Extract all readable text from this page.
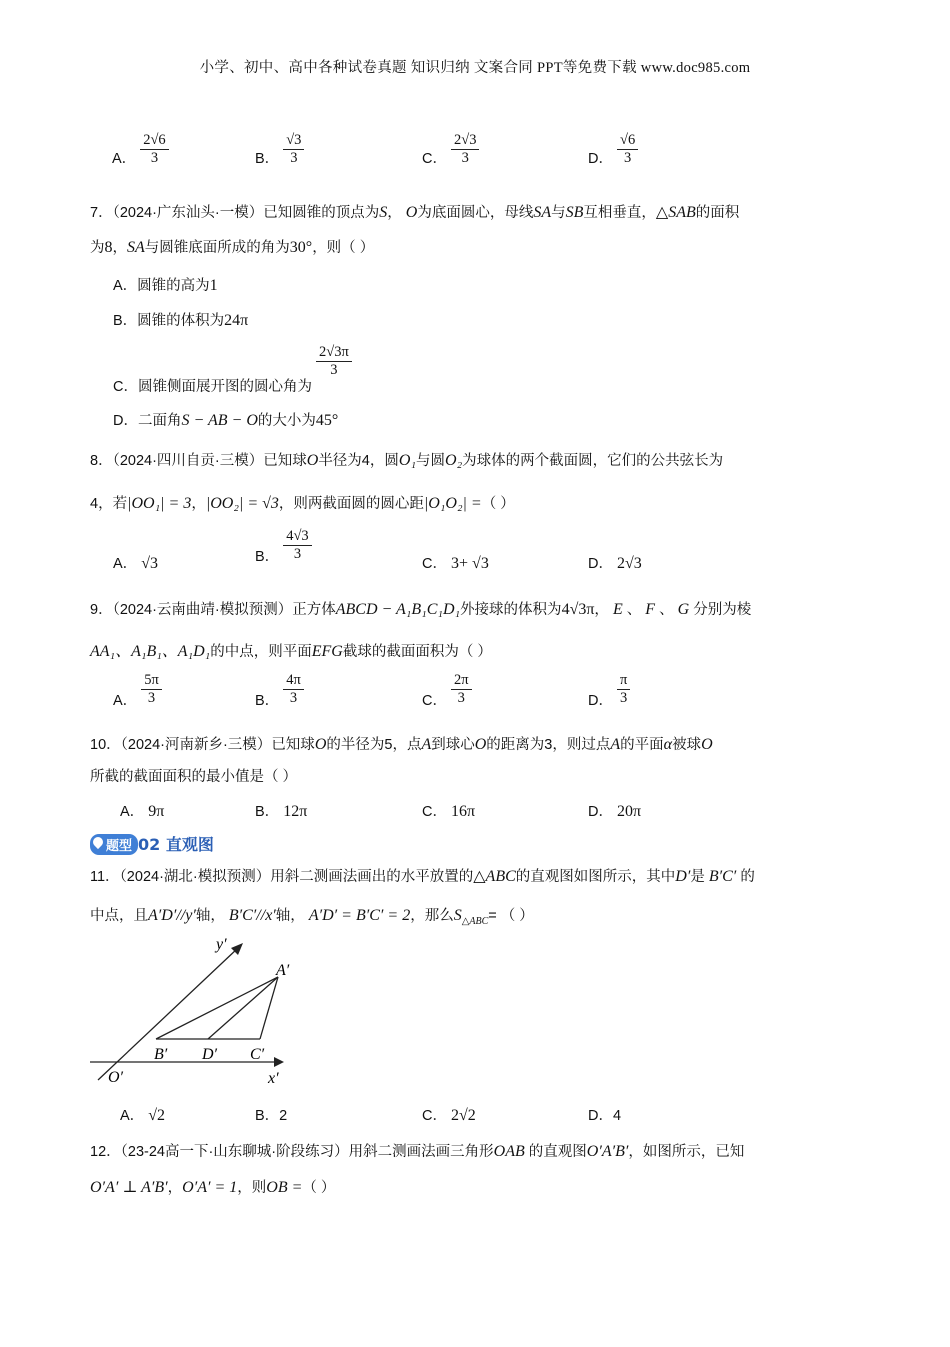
小学、初中、高中各种试卷真题 知识归纳 文案合同 PPT等免费下载 www.doc985.com
A． $\frac{2√6}{3}$	B． $\frac{√3}{3}$	C． $\frac{2√3}{3}$	D． $\frac{√6}{3}$
7．（2024·广东汕头·一模）已知圆锥的顶点为S， O为底面圆心，母线SA与SB互相垂直，△SAB的面积
为8，SA与圆锥底面所成的角为30°，则（ ）
A．圆锥的高为1
B．圆锥的体积为24π
C．圆锥侧面展开图的圆心角为
$\frac{2√3\pi}{3}$
D．二面角S − AB − O的大小为45°
8．（2024·四川自贡·三模）已知球O半径为4，圆O₁与圆O₂为球体的两个截面圆，它们的公共弦长为
4，若|OO₁| = 3，|OO₂| = √3，则两截面圆的圆心距|O₁O₂| =（ ）
A． √3	B． $\frac{4√3}{3}$
C． 3+ √3	D． 2√3
9．（2024·云南曲靖·模拟预测）正方体ABCD − A₁B₁C₁D₁外接球的体积为4√3π， E 、 F 、 G 分别为棱
AA₁、A₁B₁、A₁D₁的中点，则平面EFG截球的截面面积为（ ）
A． $\frac{5\pi}{3}$	B． $\frac{4\pi}{3}$	C． $\frac{2\pi}{3}$	D． $\frac{\pi}{3}$
10．（2024·河南新乡·三模）已知球O的半径为5，点A到球心O的距离为3，则过点A的平面α被球O
所截的截面面积的最小值是（ ）
A． 9π	B． 12π	C． 16π	D． 20π
题型 02 直观图
11．（2024·湖北·模拟预测）用斜二测画法画出的水平放置的△ABC的直观图如图所示，其中D′是 B′C′ 的
中点，且A′D′//y′轴， B′C′//x′轴， A′D′ = B′C′ = 2，那么$S_{\triangle ABC}=$ （ ）
y′
A′
B′ D′ C′
O′	x′
A． √2	B．2	C． 2√2	D．4
12．（23-24高一下·山东聊城·阶段练习）用斜二测画法画三角形OAB 的直观图O′A′B′，如图所示，已知
O′A′ ⊥ A′B′，O′A′ = 1，则OB =（ ）
